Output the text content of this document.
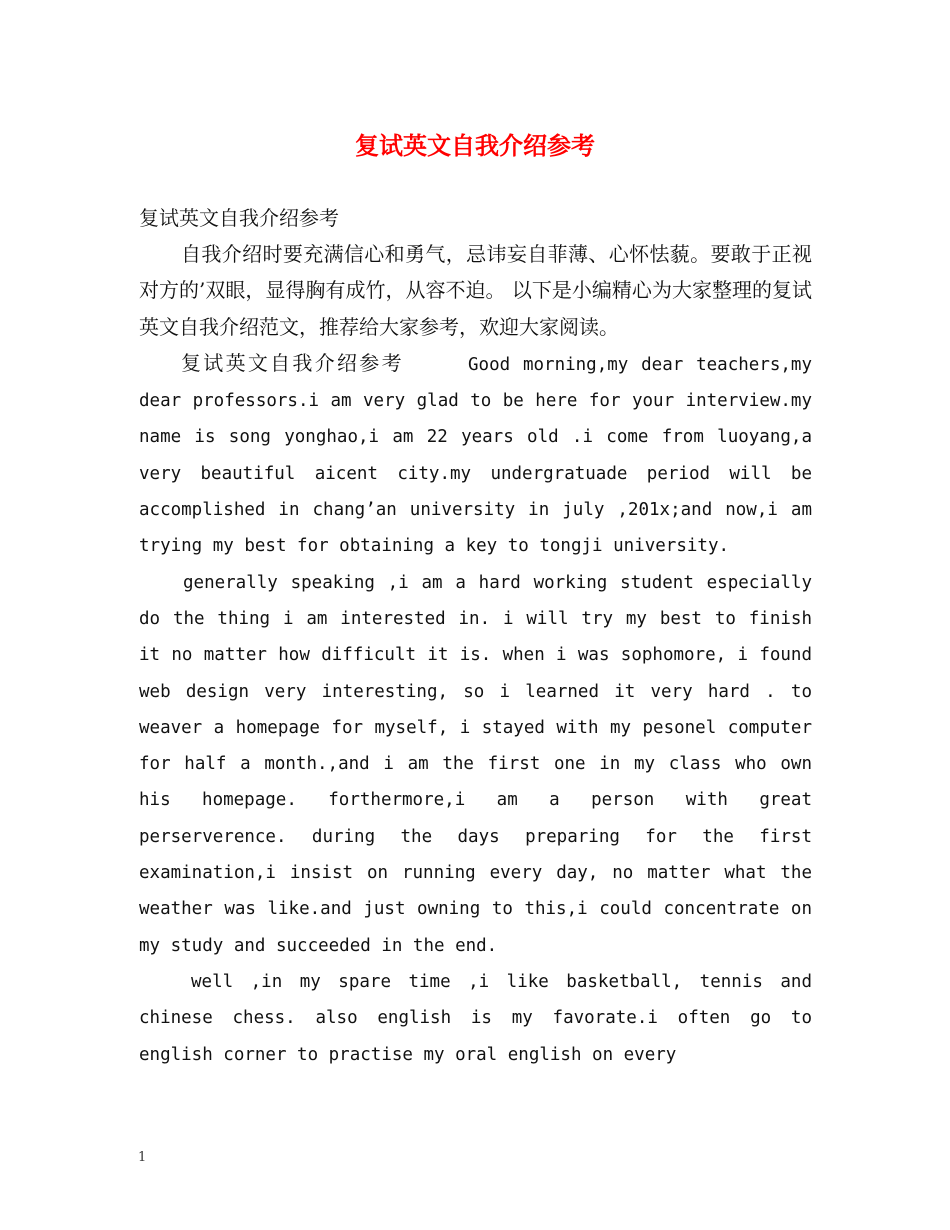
复试英文自我介绍参考

复试英文自我介绍参考

自我介绍时要充满信心和勇气，忌讳妄自菲薄、心怀怯藐。要敢于正视对方的’双眼，显得胸有成竹，从容不迫。 以下是小编精心为大家整理的复试英文自我介绍范文，推荐给大家参考，欢迎大家阅读。

复试英文自我介绍参考	Good morning,my dear teachers,my dear professors.i am very glad to be here for your interview.my name is song yonghao,i am 22 years old .i come from luoyang,a very beautiful aicent city.my undergratuade period will be accomplished in chang’an university in july ,201x;and now,i am trying my best for obtaining a key to tongji university.

generally speaking ,i am a hard working student especially do the thing i am interested in. i will try my best to finish it no matter how difficult it is. when i was sophomore, i found web design very interesting, so i learned it very hard . to weaver a homepage for myself, i stayed with my pesonel computer for half a month.,and i am the first one in my class who own his homepage. forthermore,i am a person with great perserverence. during the days preparing for the first examination,i insist on running every day, no matter what the weather was like.and just owning to this,i could concentrate on my study and succeeded in the end.

well ,in my spare time ,i like basketball, tennis and chinese chess. also english is my favorate.i often go to english corner to practise my oral english on every

1
